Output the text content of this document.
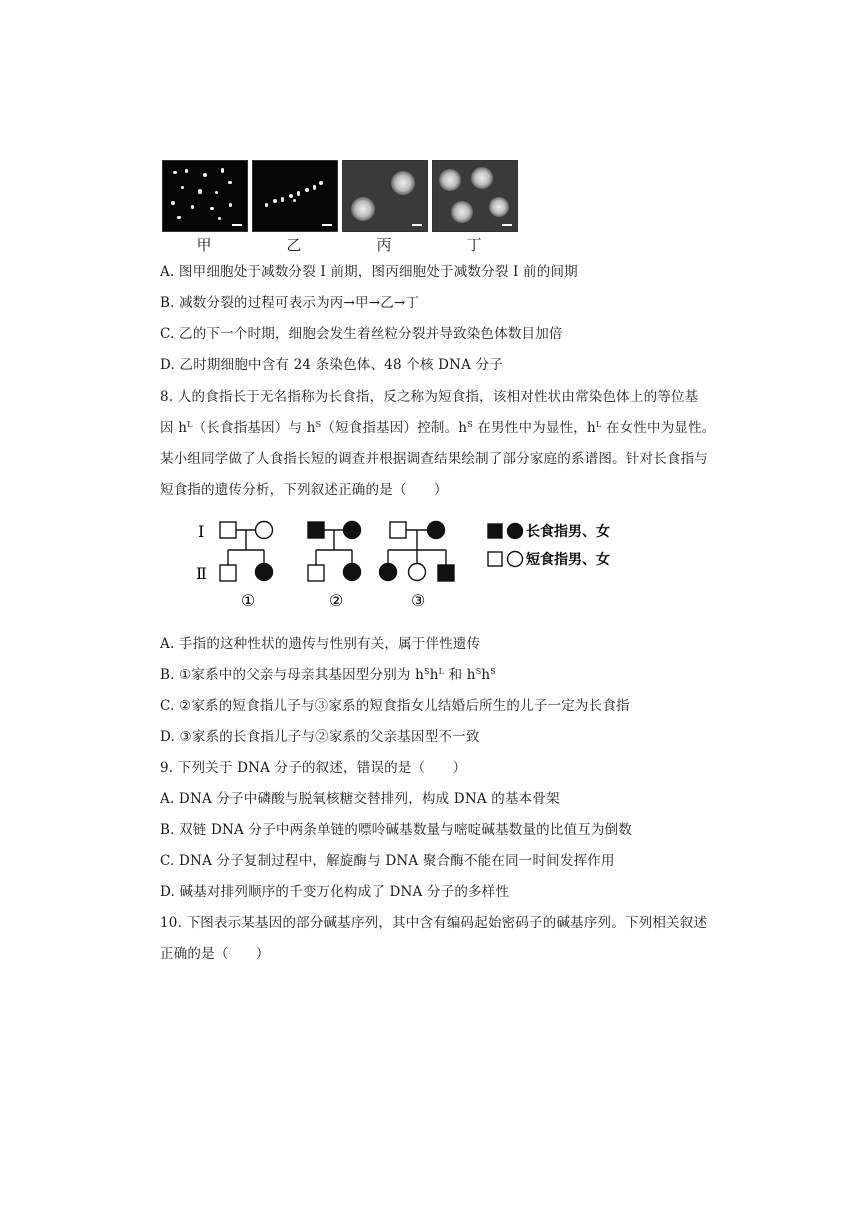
甲	乙	丙	丁
A. 图甲细胞处于减数分裂 I 前期，图丙细胞处于减数分裂 I 前的间期
B. 减数分裂的过程可表示为丙→甲→乙→丁
C. 乙的下一个时期，细胞会发生着丝粒分裂并导致染色体数目加倍
D. 乙时期细胞中含有 24 条染色体、48 个核 DNA 分子
8. 人的食指长于无名指称为长食指，反之称为短食指，该相对性状由常染色体上的等位基
因 $h^L$（长食指基因）与 $h^S$（短食指基因）控制。$h^S$ 在男性中为显性，$h^L$ 在女性中为显性。
某小组同学做了人食指长短的调查并根据调查结果绘制了部分家庭的系谱图。针对长食指与
短食指的遗传分析，下列叙述正确的是（　　）
Ⅰ
Ⅱ
①	②	③
长食指男、女
短食指男、女
A. 手指的这种性状的遗传与性别有关，属于伴性遗传
B. ①家系中的父亲与母亲其基因型分别为 $h^Sh^L$ 和 $h^Sh^S$
C. ②家系的短食指儿子与③家系的短食指女儿结婚后所生的儿子一定为长食指
D. ③家系的长食指儿子与②家系的父亲基因型不一致
9. 下列关于 DNA 分子的叙述，错误的是（　　）
A. DNA 分子中磷酸与脱氧核糖交替排列，构成 DNA 的基本骨架
B. 双链 DNA 分子中两条单链的嘌呤碱基数量与嘧啶碱基数量的比值互为倒数
C. DNA 分子复制过程中，解旋酶与 DNA 聚合酶不能在同一时间发挥作用
D. 碱基对排列顺序的千变万化构成了 DNA 分子的多样性
10. 下图表示某基因的部分碱基序列，其中含有编码起始密码子的碱基序列。下列相关叙述
正确的是（　　）
